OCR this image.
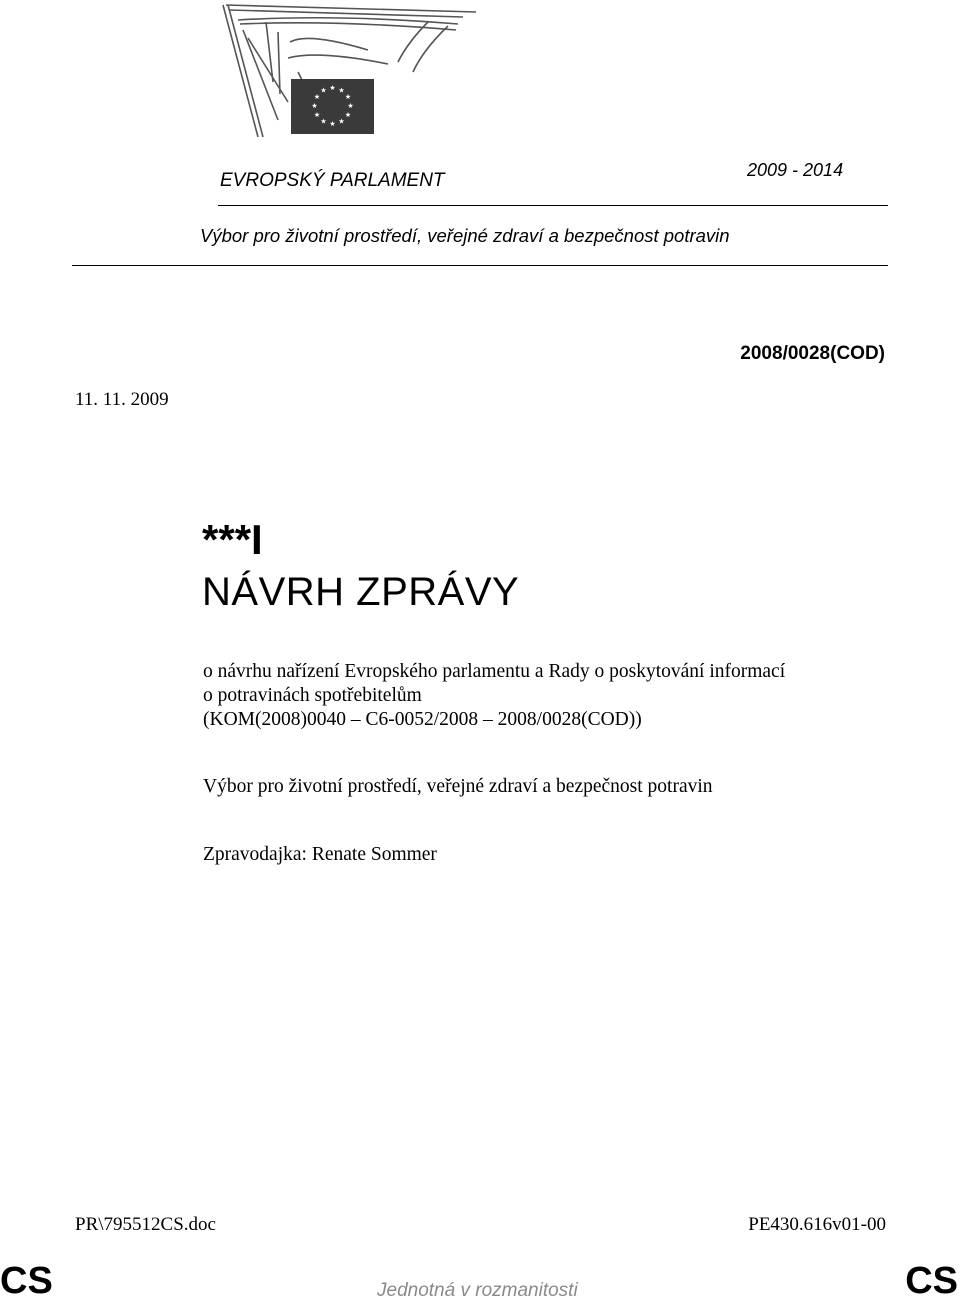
★ ★
★
★
★
★
★
★
★
★
★
★
EVROPSKÝ PARLAMENT	2009 - 2014
Výbor pro životní prostředí, veřejné zdraví a bezpečnost potravin
2008/0028(COD)
11. 11. 2009
***I
NÁVRH ZPRÁVY
o návrhu nařízení Evropského parlamentu a Rady o poskytování informací
o potravinách spotřebitelům
(KOM(2008)0040 – C6-0052/2008 – 2008/0028(COD))
Výbor pro životní prostředí, veřejné zdraví a bezpečnost potravin
Zpravodajka: Renate Sommer
PR\795512CS.doc	PE430.616v01-00
CS	Jednotná v rozmanitosti	CS
